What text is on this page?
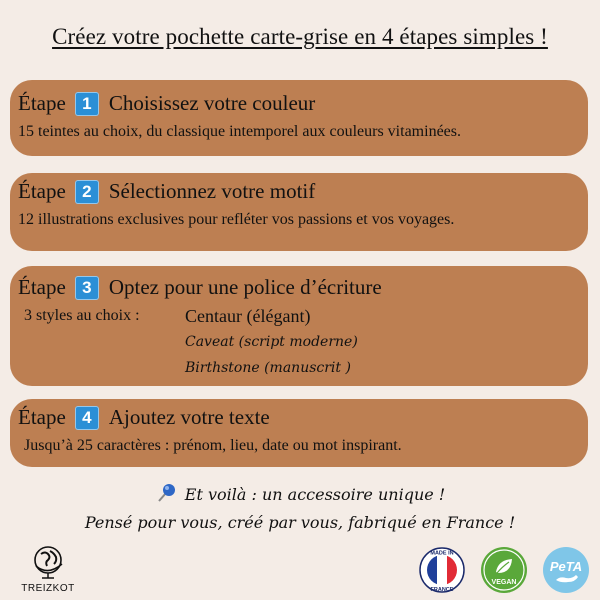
Créez votre pochette carte-grise en 4 étapes simples !
Étape 1 Choisissez votre couleur
15 teintes au choix, du classique intemporel aux couleurs vitaminées.
Étape 2 Sélectionnez votre motif
12 illustrations exclusives pour refléter vos passions et vos voyages.
Étape 3 Optez pour une police d’écriture
3 styles au choix :	Centaur (élégant)
Caveat (script moderne)
Birthstone (manuscrit )
Étape 4 Ajoutez votre texte
Jusqu’à 25 caractères : prénom, lieu, date ou mot inspirant.
Et voilà : un accessoire unique !
Pensé pour vous, créé par vous, fabriqué en France !
TREIZKOT
MADE IN
FRANCE
VEGAN
PeTA
